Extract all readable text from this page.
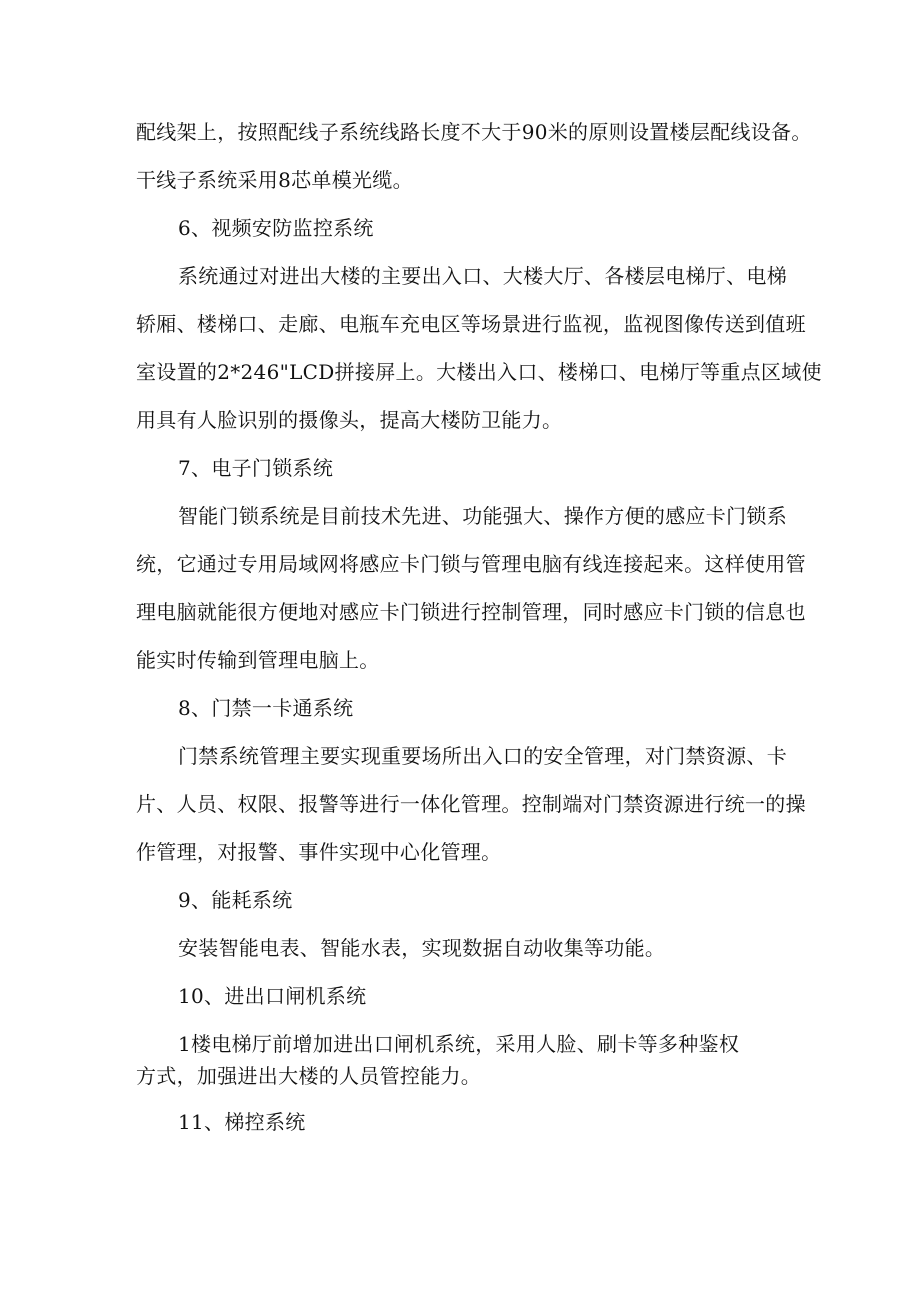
配线架上，按照配线子系统线路长度不大于90米的原则设置楼层配线设备。
干线子系统采用8芯单模光缆。
6、视频安防监控系统
系统通过对进出大楼的主要出入口、大楼大厅、各楼层电梯厅、电梯
轿厢、楼梯口、走廊、电瓶车充电区等场景进行监视，监视图像传送到值班
室设置的2*246"LCD拼接屏上。大楼出入口、楼梯口、电梯厅等重点区域使
用具有人脸识别的摄像头，提高大楼防卫能力。
7、电子门锁系统
智能门锁系统是目前技术先进、功能强大、操作方便的感应卡门锁系
统，它通过专用局域网将感应卡门锁与管理电脑有线连接起来。这样使用管
理电脑就能很方便地对感应卡门锁进行控制管理，同时感应卡门锁的信息也
能实时传输到管理电脑上。
8、门禁一卡通系统
门禁系统管理主要实现重要场所出入口的安全管理，对门禁资源、卡
片、人员、权限、报警等进行一体化管理。控制端对门禁资源进行统一的操
作管理，对报警、事件实现中心化管理。
9、能耗系统
安装智能电表、智能水表，实现数据自动收集等功能。
10、进出口闸机系统
1楼电梯厅前增加进出口闸机系统，采用人脸、刷卡等多种鉴权
方式，加强进出大楼的人员管控能力。
11、梯控系统
